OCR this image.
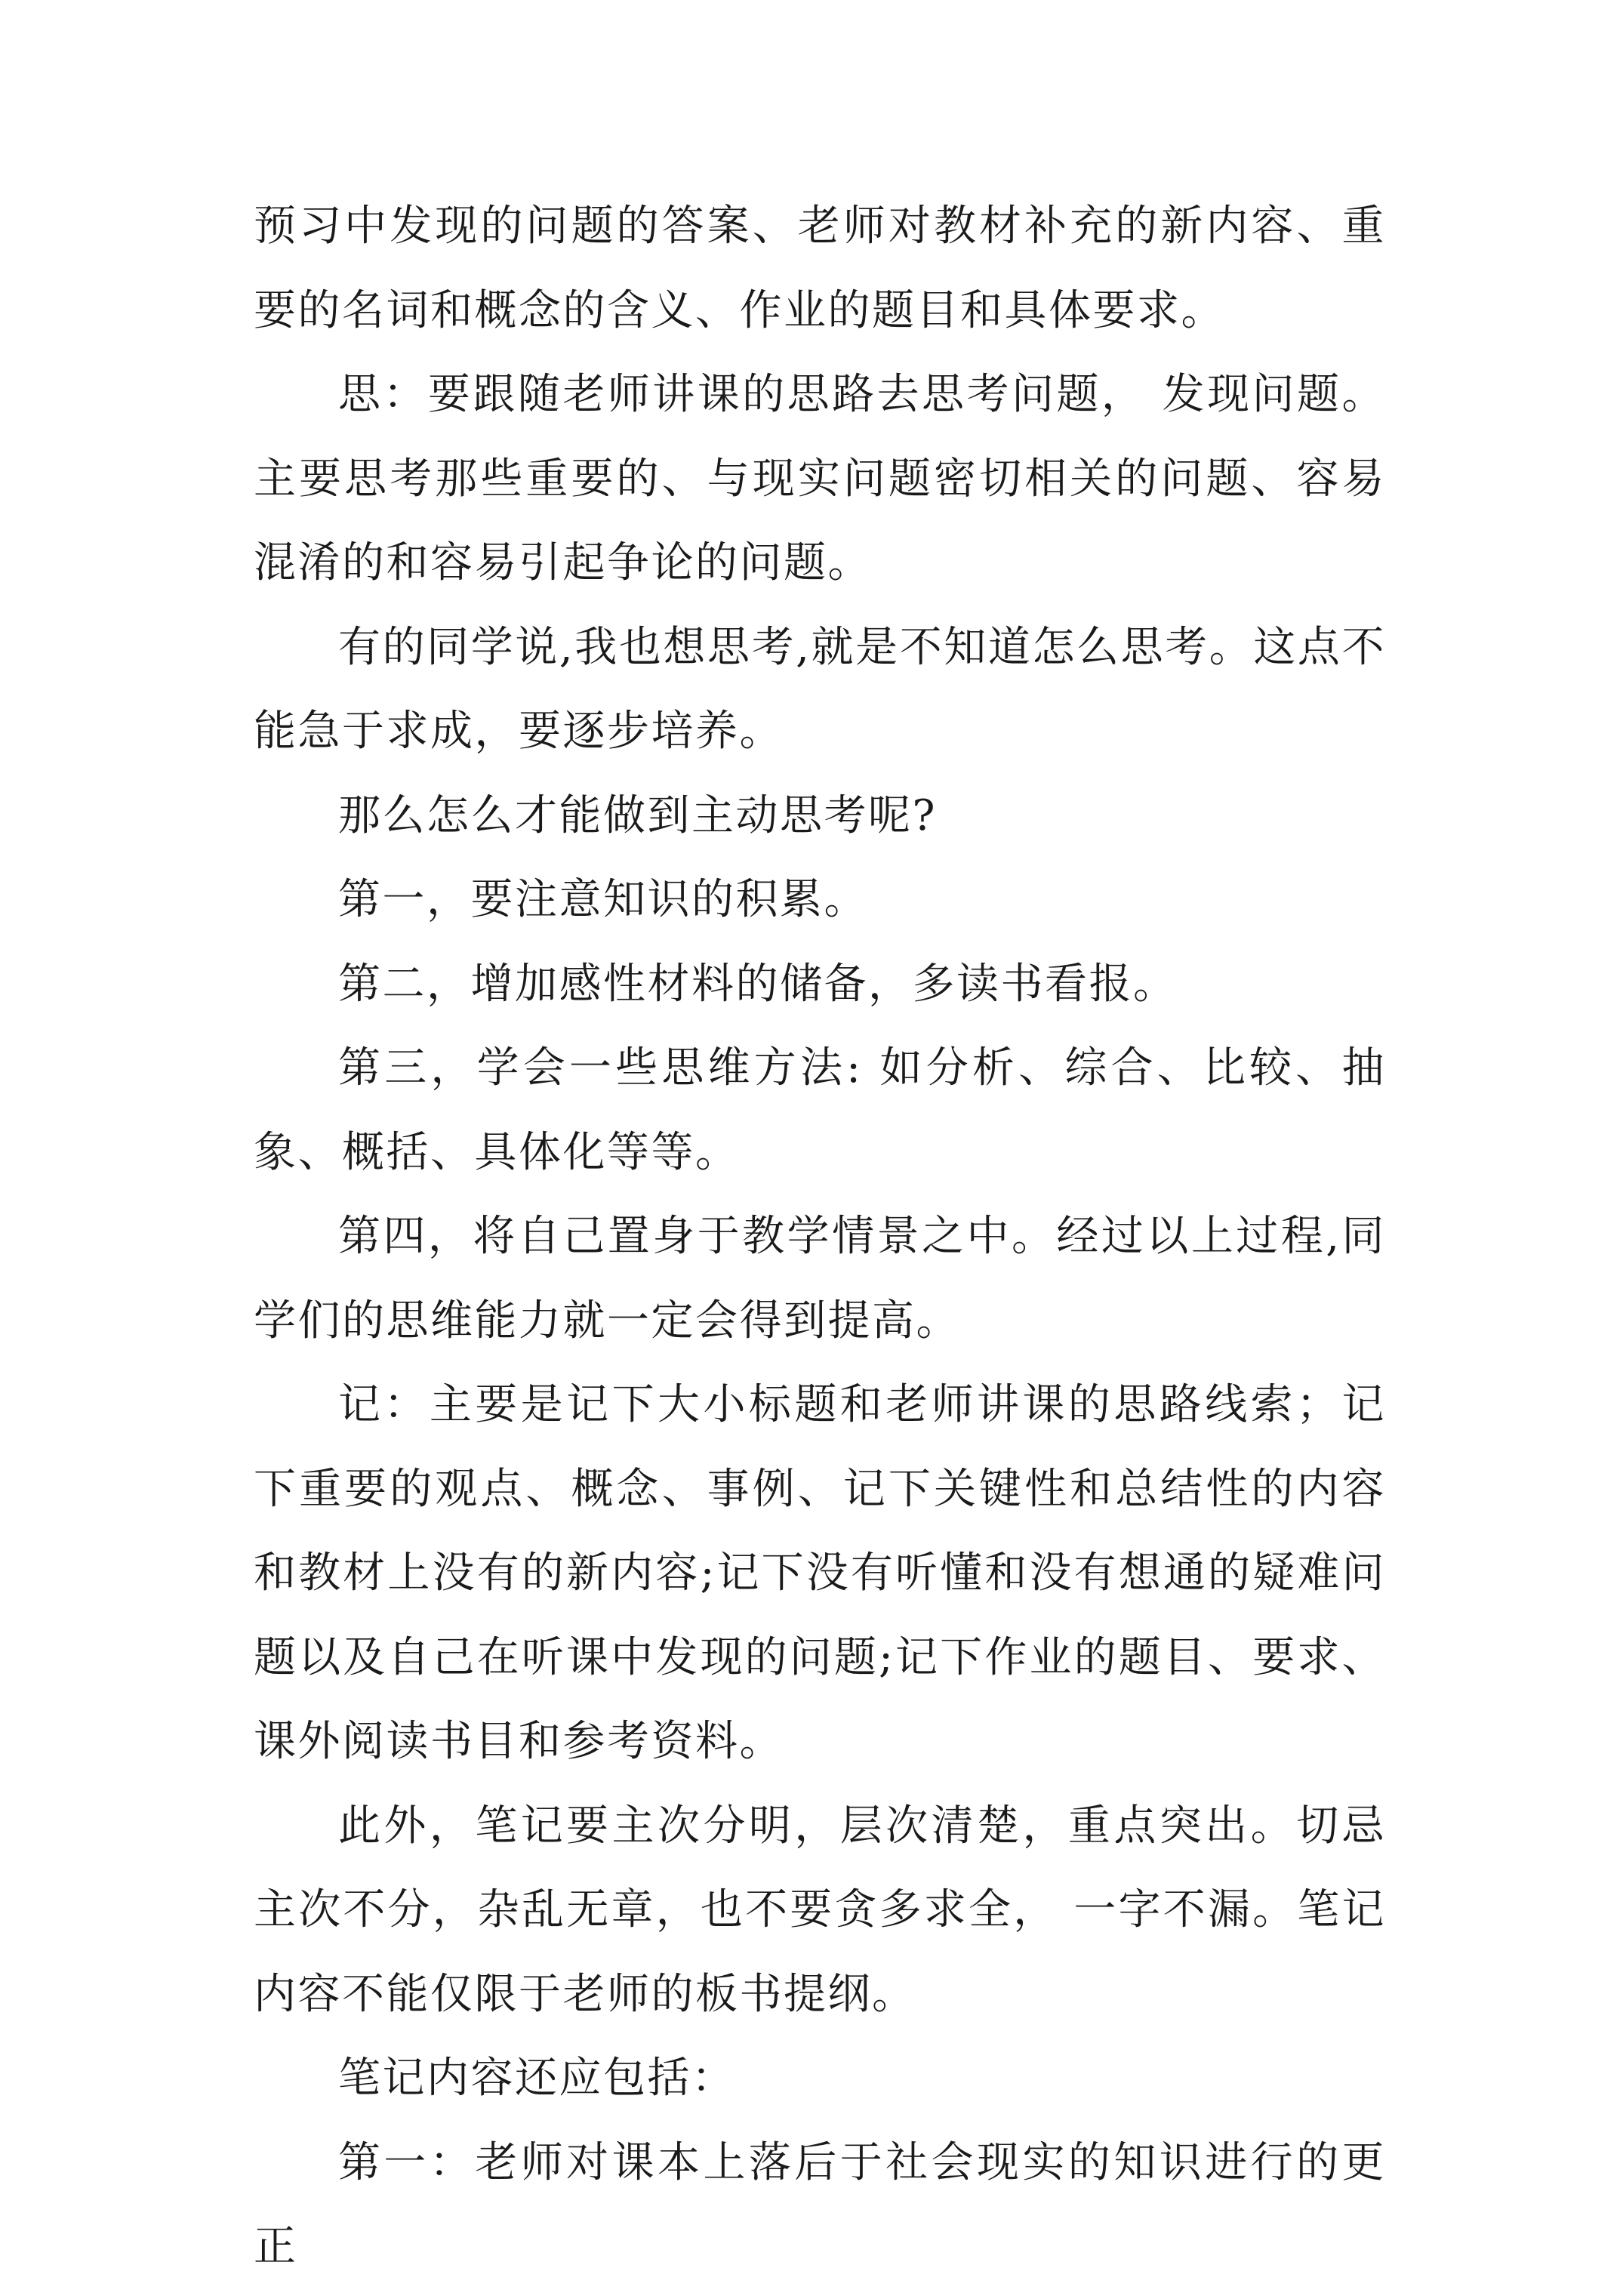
预习中发现的问题的答案、老师对教材补充的新内容、重要的名词和概念的含义、作业的题目和具体要求。

思：要跟随老师讲课的思路去思考问题， 发现问题。主要思考那些重要的、与现实问题密切相关的问题、容易混淆的和容易引起争论的问题。

有的同学说,我也想思考,就是不知道怎么思考。这点不能急于求成，要逐步培养。

那么怎么才能做到主动思考呢?

第一，要注意知识的积累。

第二，增加感性材料的储备，多读书看报。

第三，学会一些思维方法: 如分析、综合、比较、抽象、概括、具体化等等。

第四，将自己置身于教学情景之中。经过以上过程,同学们的思维能力就一定会得到提高。

记：主要是记下大小标题和老师讲课的思路线索；记下重要的观点、概念、事例、记下关键性和总结性的内容和教材上没有的新内容;记下没有听懂和没有想通的疑难问题以及自己在听课中发现的问题;记下作业的题目、要求、课外阅读书目和参考资料。

此外，笔记要主次分明，层次清楚，重点突出。切忌主次不分，杂乱无章，也不要贪多求全， 一字不漏。笔记内容不能仅限于老师的板书提纲。

笔记内容还应包括：

第一：老师对课本上落后于社会现实的知识进行的更正
